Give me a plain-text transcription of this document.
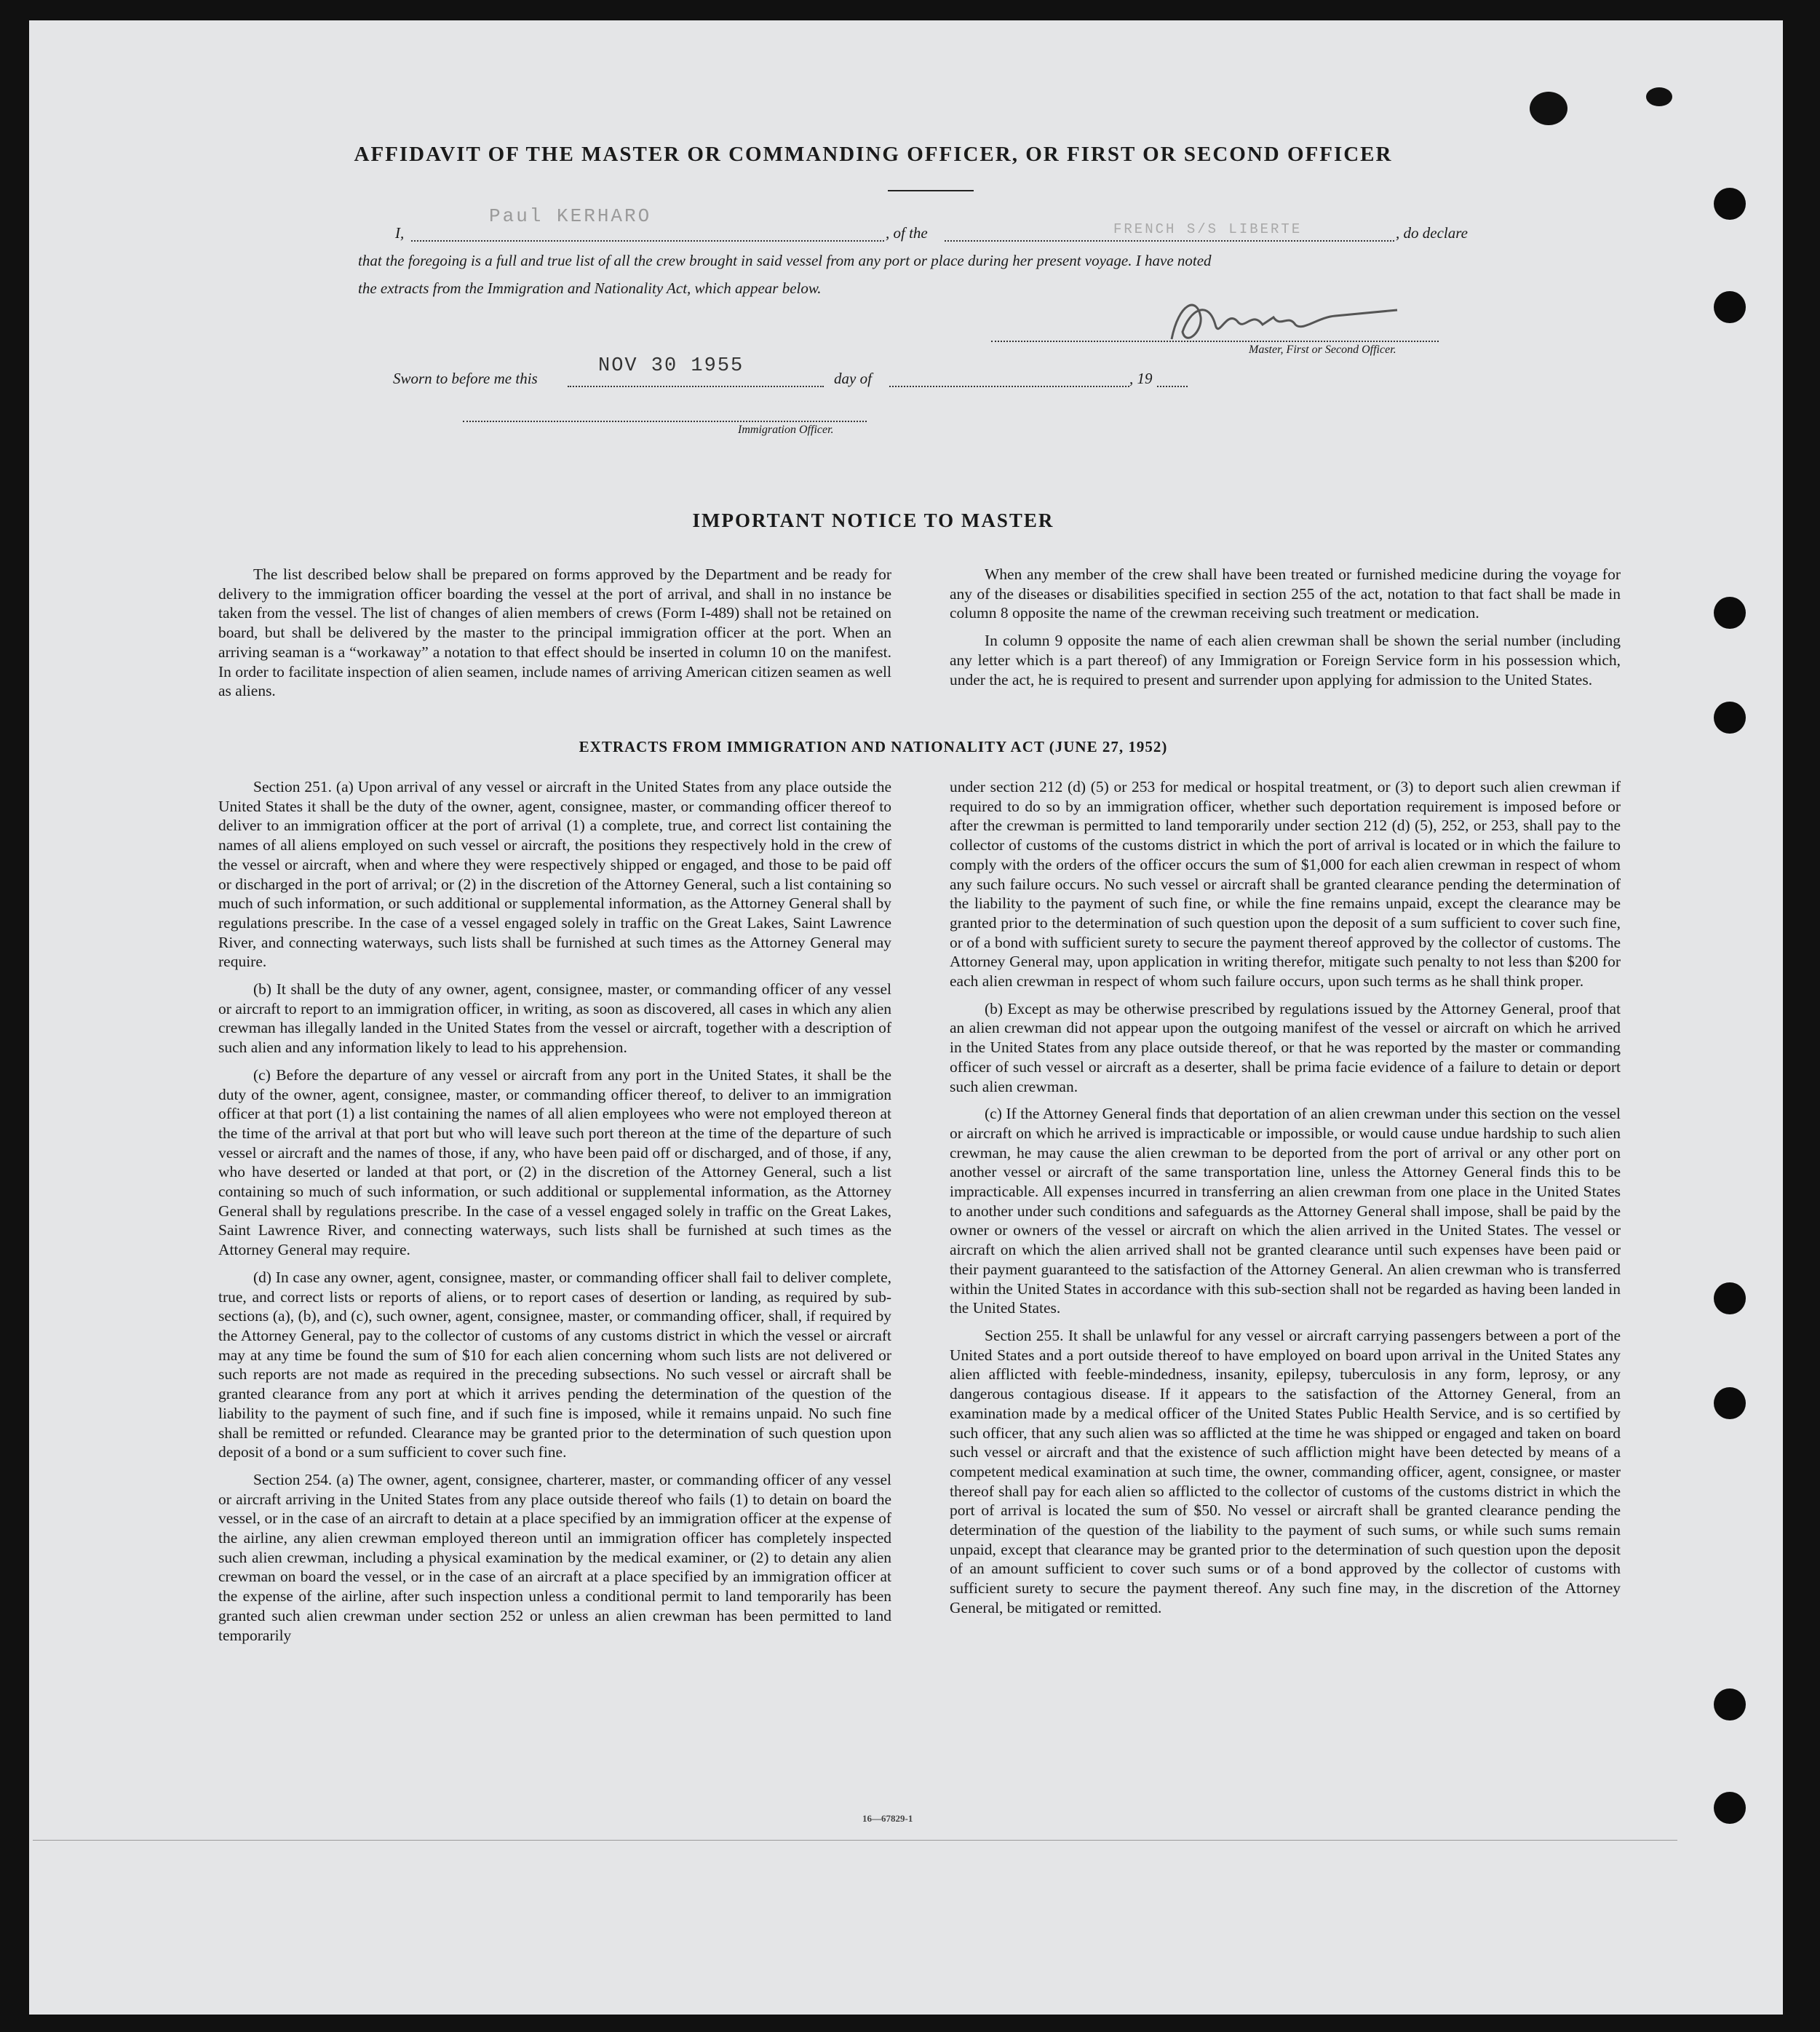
AFFIDAVIT OF THE MASTER OR COMMANDING OFFICER, OR FIRST OR SECOND OFFICER
I,
Paul KERHARO
, of the	FRENCH S/S LIBERTE	, do declare
that the foregoing is a full and true list of all the crew brought in said vessel from any port or place during her present voyage. I have noted
the extracts from the Immigration and Nationality Act, which appear below.
Master, First or Second Officer.
Sworn to before me this
NOV 30 1955
day of	, 19
Immigration Officer.
IMPORTANT NOTICE TO MASTER

The list described below shall be prepared on forms approved by the Department and be ready for delivery to the immigration officer boarding the vessel at the port of arrival, and shall in no instance be taken from the vessel. The list of changes of alien members of crews (Form I-489) shall not be retained on board, but shall be delivered by the master to the principal immigration officer at the port. When an arriving seaman is a “workaway” a notation to that effect should be inserted in column 10 on the manifest. In order to facilitate inspection of alien seamen, include names of arriving American citizen seamen as well as aliens.

When any member of the crew shall have been treated or furnished medicine during the voyage for any of the diseases or disabilities specified in section 255 of the act, notation to that fact shall be made in column 8 opposite the name of the crewman receiving such treatment or medication.

In column 9 opposite the name of each alien crewman shall be shown the serial number (including any letter which is a part thereof) of any Immigration or Foreign Service form in his possession which, under the act, he is required to present and surrender upon applying for admission to the United States.

EXTRACTS FROM IMMIGRATION AND NATIONALITY ACT (JUNE 27, 1952)

Section 251. (a) Upon arrival of any vessel or aircraft in the United States from any place outside the United States it shall be the duty of the owner, agent, consignee, master, or commanding officer thereof to deliver to an immigration officer at the port of arrival (1) a complete, true, and correct list containing the names of all aliens employed on such vessel or aircraft, the positions they respectively hold in the crew of the vessel or aircraft, when and where they were respectively shipped or engaged, and those to be paid off or discharged in the port of arrival; or (2) in the discretion of the Attorney General, such a list containing so much of such information, or such additional or supplemental information, as the Attorney General shall by regulations prescribe. In the case of a vessel engaged solely in traffic on the Great Lakes, Saint Lawrence River, and connecting waterways, such lists shall be furnished at such times as the Attorney General may require.

(b) It shall be the duty of any owner, agent, consignee, master, or commanding officer of any vessel or aircraft to report to an immigration officer, in writing, as soon as discovered, all cases in which any alien crewman has illegally landed in the United States from the vessel or aircraft, together with a description of such alien and any information likely to lead to his apprehension.

(c) Before the departure of any vessel or aircraft from any port in the United States, it shall be the duty of the owner, agent, consignee, master, or commanding officer thereof, to deliver to an immigration officer at that port (1) a list containing the names of all alien employees who were not employed thereon at the time of the arrival at that port but who will leave such port thereon at the time of the departure of such vessel or aircraft and the names of those, if any, who have been paid off or discharged, and of those, if any, who have deserted or landed at that port, or (2) in the discretion of the Attorney General, such a list containing so much of such information, or such additional or supplemental information, as the Attorney General shall by regulations prescribe. In the case of a vessel engaged solely in traffic on the Great Lakes, Saint Lawrence River, and connecting waterways, such lists shall be furnished at such times as the Attorney General may require.

(d) In case any owner, agent, consignee, master, or commanding officer shall fail to deliver complete, true, and correct lists or reports of aliens, or to report cases of desertion or landing, as required by sub-sections (a), (b), and (c), such owner, agent, consignee, master, or commanding officer, shall, if required by the Attorney General, pay to the collector of customs of any customs district in which the vessel or aircraft may at any time be found the sum of $10 for each alien concerning whom such lists are not delivered or such reports are not made as required in the preceding subsections. No such vessel or aircraft shall be granted clearance from any port at which it arrives pending the determination of the question of the liability to the payment of such fine, and if such fine is imposed, while it remains unpaid. No such fine shall be remitted or refunded. Clearance may be granted prior to the determination of such question upon deposit of a bond or a sum sufficient to cover such fine.

Section 254. (a) The owner, agent, consignee, charterer, master, or commanding officer of any vessel or aircraft arriving in the United States from any place outside thereof who fails (1) to detain on board the vessel, or in the case of an aircraft to detain at a place specified by an immigration officer at the expense of the airline, any alien crewman employed thereon until an immigration officer has completely inspected such alien crewman, including a physical examination by the medical examiner, or (2) to detain any alien crewman on board the vessel, or in the case of an aircraft at a place specified by an immigration officer at the expense of the airline, after such inspection unless a conditional permit to land temporarily has been granted such alien crewman under section 252 or unless an alien crewman has been permitted to land temporarily

under section 212 (d) (5) or 253 for medical or hospital treatment, or (3) to deport such alien crewman if required to do so by an immigration officer, whether such deportation requirement is imposed before or after the crewman is permitted to land temporarily under section 212 (d) (5), 252, or 253, shall pay to the collector of customs of the customs district in which the port of arrival is located or in which the failure to comply with the orders of the officer occurs the sum of $1,000 for each alien crewman in respect of whom any such failure occurs. No such vessel or aircraft shall be granted clearance pending the determination of the liability to the payment of such fine, or while the fine remains unpaid, except the clearance may be granted prior to the determination of such question upon the deposit of a sum sufficient to cover such fine, or of a bond with sufficient surety to secure the payment thereof approved by the collector of customs. The Attorney General may, upon application in writing therefor, mitigate such penalty to not less than $200 for each alien crewman in respect of whom such failure occurs, upon such terms as he shall think proper.

(b) Except as may be otherwise prescribed by regulations issued by the Attorney General, proof that an alien crewman did not appear upon the outgoing manifest of the vessel or aircraft on which he arrived in the United States from any place outside thereof, or that he was reported by the master or commanding officer of such vessel or aircraft as a deserter, shall be prima facie evidence of a failure to detain or deport such alien crewman.

(c) If the Attorney General finds that deportation of an alien crewman under this section on the vessel or aircraft on which he arrived is impracticable or impossible, or would cause undue hardship to such alien crewman, he may cause the alien crewman to be deported from the port of arrival or any other port on another vessel or aircraft of the same transportation line, unless the Attorney General finds this to be impracticable. All expenses incurred in transferring an alien crewman from one place in the United States to another under such conditions and safeguards as the Attorney General shall impose, shall be paid by the owner or owners of the vessel or aircraft on which the alien arrived in the United States. The vessel or aircraft on which the alien arrived shall not be granted clearance until such expenses have been paid or their payment guaranteed to the satisfaction of the Attorney General. An alien crewman who is transferred within the United States in accordance with this sub-section shall not be regarded as having been landed in the United States.

Section 255. It shall be unlawful for any vessel or aircraft carrying passengers between a port of the United States and a port outside thereof to have employed on board upon arrival in the United States any alien afflicted with feeble-mindedness, insanity, epilepsy, tuberculosis in any form, leprosy, or any dangerous contagious disease. If it appears to the satisfaction of the Attorney General, from an examination made by a medical officer of the United States Public Health Service, and is so certified by such officer, that any such alien was so afflicted at the time he was shipped or engaged and taken on board such vessel or aircraft and that the existence of such affliction might have been detected by means of a competent medical examination at such time, the owner, commanding officer, agent, consignee, or master thereof shall pay for each alien so afflicted to the collector of customs of the customs district in which the port of arrival is located the sum of $50. No vessel or aircraft shall be granted clearance pending the determination of the question of the liability to the payment of such sums, or while such sums remain unpaid, except that clearance may be granted prior to the determination of such question upon the deposit of an amount sufficient to cover such sums or of a bond approved by the collector of customs with sufficient surety to secure the payment thereof. Any such fine may, in the discretion of the Attorney General, be mitigated or remitted.

16—67829-1
